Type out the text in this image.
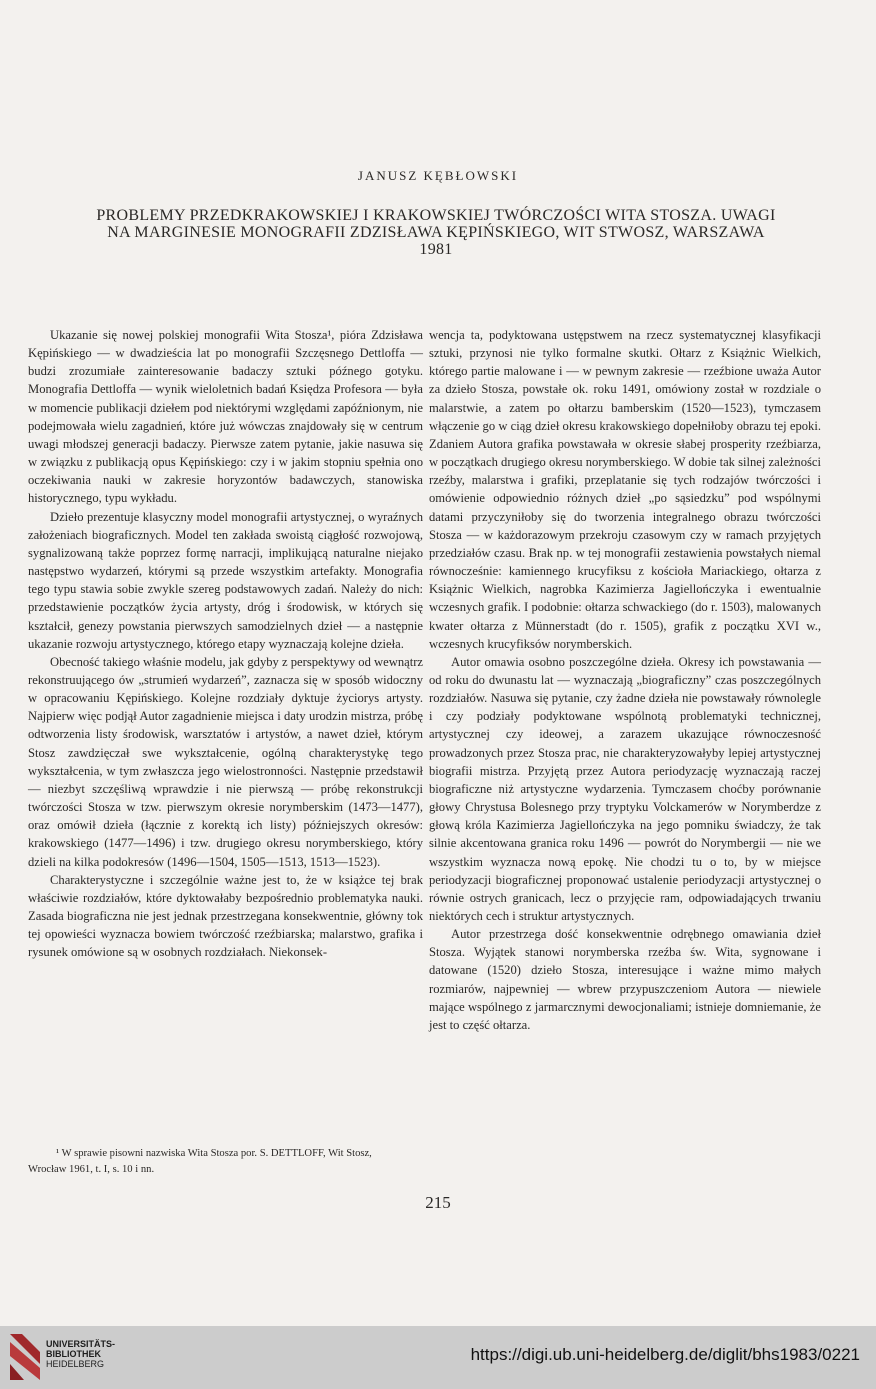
JANUSZ KĘBŁOWSKI
PROBLEMY PRZEDKRAKOWSKIEJ I KRAKOWSKIEJ TWÓRCZOŚCI WITA STOSZA. UWAGI
NA MARGINESIE MONOGRAFII ZDZISŁAWA KĘPIŃSKIEGO, WIT STWOSZ, WARSZAWA
1981

Ukazanie się nowej polskiej monografii Wita Stosza¹, pióra Zdzisława Kępińskiego — w dwadzieścia lat po monografii Szczęsnego Dettloffa — budzi zrozumiałe zainteresowanie badaczy sztuki późnego gotyku. Monografia Dettloffa — wynik wieloletnich badań Księdza Profesora — była w momencie publikacji dziełem pod niektórymi względami zapóźnionym, nie podejmowała wielu zagadnień, które już wówczas znajdowały się w centrum uwagi młodszej generacji badaczy. Pierwsze zatem pytanie, jakie nasuwa się w związku z publikacją opus Kępińskiego: czy i w jakim stopniu spełnia ono oczekiwania nauki w zakresie horyzontów badawczych, stanowiska historycznego, typu wykładu.

Dzieło prezentuje klasyczny model monografii artystycznej, o wyraźnych założeniach biograficznych. Model ten zakłada swoistą ciągłość rozwojową, sygnalizowaną także poprzez formę narracji, implikującą naturalne niejako następstwo wydarzeń, którymi są przede wszystkim artefakty. Monografia tego typu stawia sobie zwykle szereg podstawowych zadań. Należy do nich: przedstawienie początków życia artysty, dróg i środowisk, w których się kształcił, genezy powstania pierwszych samodzielnych dzieł — a następnie ukazanie rozwoju artystycznego, którego etapy wyznaczają kolejne dzieła.

Obecność takiego właśnie modelu, jak gdyby z perspektywy od wewnątrz rekonstruującego ów „strumień wydarzeń”, zaznacza się w sposób widoczny w opracowaniu Kępińskiego. Kolejne rozdziały dyktuje życiorys artysty. Najpierw więc podjął Autor zagadnienie miejsca i daty urodzin mistrza, próbę odtworzenia listy środowisk, warsztatów i artystów, a nawet dzieł, którym Stosz zawdzięczał swe wykształcenie, ogólną charakterystykę tego wykształcenia, w tym zwłaszcza jego wielostronności. Następnie przedstawił — niezbyt szczęśliwą wprawdzie i nie pierwszą — próbę rekonstrukcji twórczości Stosza w tzw. pierwszym okresie norymberskim (1473—1477), oraz omówił dzieła (łącznie z korektą ich listy) późniejszych okresów: krakowskiego (1477—1496) i tzw. drugiego okresu norymberskiego, który dzieli na kilka podokresów (1496—1504, 1505—1513, 1513—1523).

Charakterystyczne i szczególnie ważne jest to, że w książce tej brak właściwie rozdziałów, które dyktowałaby bezpośrednio problematyka nauki. Zasada biograficzna nie jest jednak przestrzegana konsekwentnie, główny tok tej opowieści wyznacza bowiem twórczość rzeźbiarska; malarstwo, grafika i rysunek omówione są w osobnych rozdziałach. Niekonsek-

wencja ta, podyktowana ustępstwem na rzecz systematycznej klasyfikacji sztuki, przynosi nie tylko formalne skutki. Ołtarz z Książnic Wielkich, którego partie malowane i — w pewnym zakresie — rzeźbione uważa Autor za dzieło Stosza, powstałe ok. roku 1491, omówiony został w rozdziale o malarstwie, a zatem po ołtarzu bamberskim (1520—1523), tymczasem włączenie go w ciąg dzieł okresu krakowskiego dopełniłoby obrazu tej epoki. Zdaniem Autora grafika powstawała w okresie słabej prosperity rzeźbiarza, w początkach drugiego okresu norymberskiego. W dobie tak silnej zależności rzeźby, malarstwa i grafiki, przeplatanie się tych rodzajów twórczości i omówienie odpowiednio różnych dzieł „po sąsiedzku” pod wspólnymi datami przyczyniłoby się do tworzenia integralnego obrazu twórczości Stosza — w każdorazowym przekroju czasowym czy w ramach przyjętych przedziałów czasu. Brak np. w tej monografii zestawienia powstałych niemal równocześnie: kamiennego krucyfiksu z kościoła Mariackiego, ołtarza z Książnic Wielkich, nagrobka Kazimierza Jagiellończyka i ewentualnie wczesnych grafik. I podobnie: ołtarza schwackiego (do r. 1503), malowanych kwater ołtarza z Münnerstadt (do r. 1505), grafik z początku XVI w., wczesnych krucyfiksów norymberskich.

Autor omawia osobno poszczególne dzieła. Okresy ich powstawania — od roku do dwunastu lat — wyznaczają „biograficzny” czas poszczególnych rozdziałów. Nasuwa się pytanie, czy żadne dzieła nie powstawały równolegle i czy podziały podyktowane wspólnotą problematyki technicznej, artystycznej czy ideowej, a zarazem ukazujące równoczesność prowadzonych przez Stosza prac, nie charakteryzowałyby lepiej artystycznej biografii mistrza. Przyjętą przez Autora periodyzację wyznaczają raczej biograficzne niż artystyczne wydarzenia. Tymczasem choćby porównanie głowy Chrystusa Bolesnego przy tryptyku Volckamerów w Norymberdze z głową króla Kazimierza Jagiellończyka na jego pomniku świadczy, że tak silnie akcentowana granica roku 1496 — powrót do Norymbergii — nie we wszystkim wyznacza nową epokę. Nie chodzi tu o to, by w miejsce periodyzacji biograficznej proponować ustalenie periodyzacji artystycznej o równie ostrych granicach, lecz o przyjęcie ram, odpowiadających trwaniu niektórych cech i struktur artystycznych.

Autor przestrzega dość konsekwentnie odrębnego omawiania dzieł Stosza. Wyjątek stanowi norymberska rzeźba św. Wita, sygnowane i datowane (1520) dzieło Stosza, interesujące i ważne mimo małych rozmiarów, najpewniej — wbrew przypuszczeniom Autora — niewiele mające wspólnego z jarmarcznymi dewocjonaliami; istnieje domniemanie, że jest to część ołtarza.

¹ W sprawie pisowni nazwiska Wita Stosza por. S. DETTLOFF, Wit Stosz, Wrocław 1961, t. I, s. 10 i nn.

215
UNIVERSITÄTS-
BIBLIOTHEK
HEIDELBERG	https://digi.ub.uni-heidelberg.de/diglit/bhs1983/0221
